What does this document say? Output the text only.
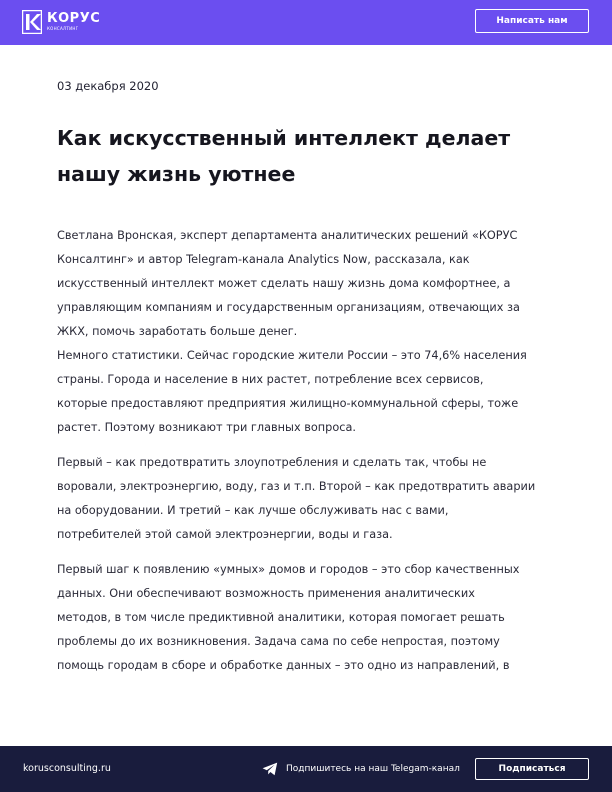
КОРУС
КОНСАЛТИНГ
Написать нам
03 декабря 2020
Как искусственный интеллект делает
нашу жизнь уютнее

Светлана Вронская, эксперт департамента аналитических решений «КОРУС
Консалтинг» и автор Telegram-канала Analytics Now, рассказала, как
искусственный интеллект может сделать нашу жизнь дома комфортнее, а
управляющим компаниям и государственным организациям, отвечающих за
ЖКХ, помочь заработать больше денег.

Немного статистики. Сейчас городские жители России – это 74,6% населения
страны. Города и население в них растет, потребление всех сервисов,
которые предоставляют предприятия жилищно-коммунальной сферы, тоже
растет. Поэтому возникают три главных вопроса.

Первый – как предотвратить злоупотребления и сделать так, чтобы не
воровали, электроэнергию, воду, газ и т.п. Второй – как предотвратить аварии
на оборудовании. И третий – как лучше обслуживать нас с вами,
потребителей этой самой электроэнергии, воды и газа.

Первый шаг к появлению «умных» домов и городов – это сбор качественных
данных. Они обеспечивают возможность применения аналитических
методов, в том числе предиктивной аналитики, которая помогает решать
проблемы до их возникновения. Задача сама по себе непростая, поэтому
помощь городам в сборе и обработке данных – это одно из направлений, в

korusconsulting.ru	Подпишитесь на наш Telegam-канал	Подписаться
